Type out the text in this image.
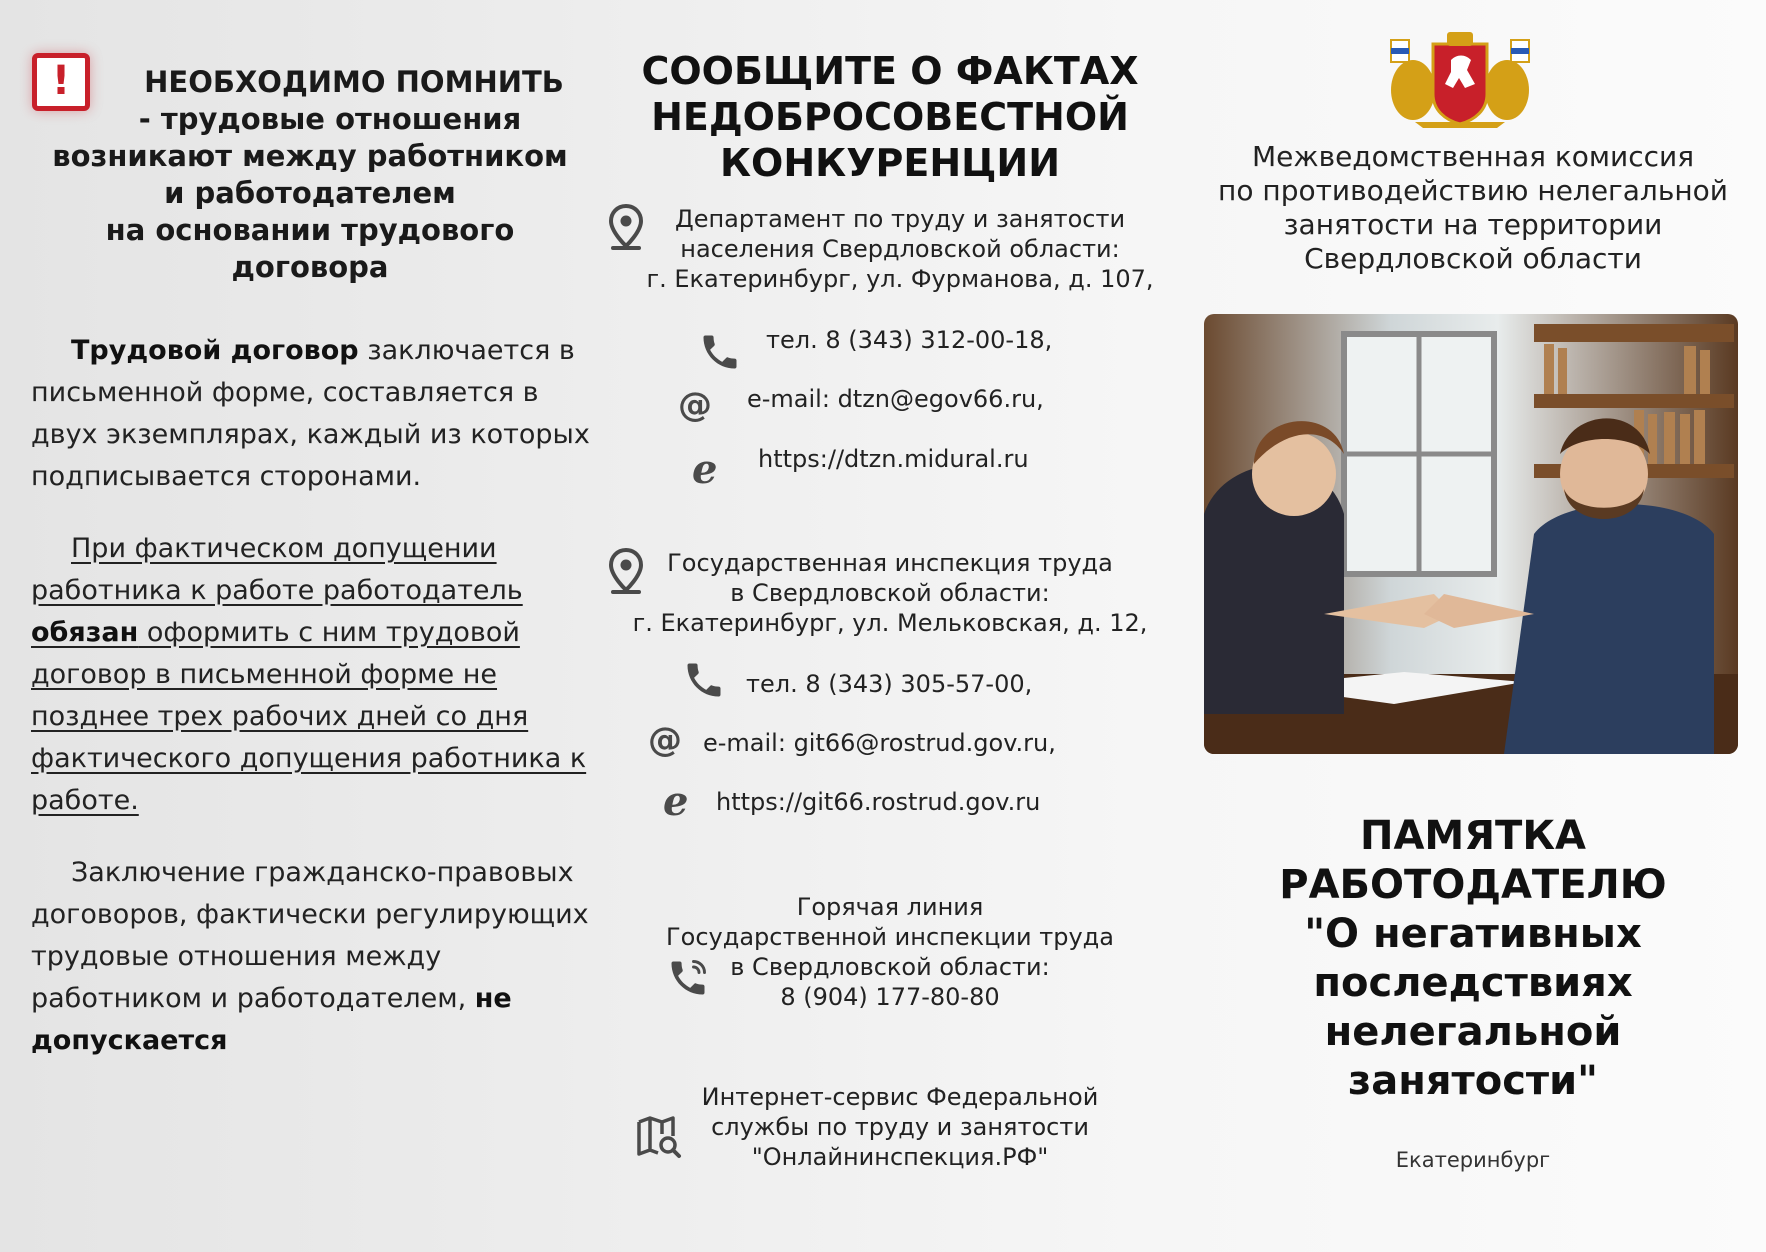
!	НЕОБХОДИМО ПОМНИТЬ
- трудовые отношения
возникают между работником
и работодателем
на основании трудового
договора
Трудовой договор заключается в письменной форме, составляется в двух экземплярах, каждый из которых подписывается сторонами.
При фактическом допущении работника к работе работодатель обязан оформить с ним трудовой договор в письменной форме не позднее трех рабочих дней со дня фактического допущения работника к работе.
Заключение гражданско-правовых договоров, фактически регулирующих трудовые отношения между работником и работодателем, не допускается
СООБЩИТЕ О ФАКТАХ
НЕДОБРОСОВЕСТНОЙ
КОНКУРЕНЦИИ
Департамент по труду и занятости
населения Свердловской области:
г. Екатеринбург, ул. Фурманова, д. 107,
тел. 8 (343) 312-00-18,
@ e-mail: dtzn@egov66.ru,
e https://dtzn.midural.ru
Государственная инспекция труда
в Свердловской области:
г. Екатеринбург, ул. Мельковская, д. 12,
тел. 8 (343) 305-57-00,
@ e-mail: git66@rostrud.gov.ru,
e https://git66.rostrud.gov.ru
Горячая линия
Государственной инспекции труда
в Свердловской области:
8 (904) 177-80-80
Интернет-сервис Федеральной
службы по труду и занятости
"Онлайнинспекция.РФ"
Межведомственная комиссия
по противодействию нелегальной
занятости на территории
Свердловской области
ПАМЯТКА
РАБОТОДАТЕЛЮ
"О негативных
последствиях
нелегальной
занятости"
Екатеринбург
